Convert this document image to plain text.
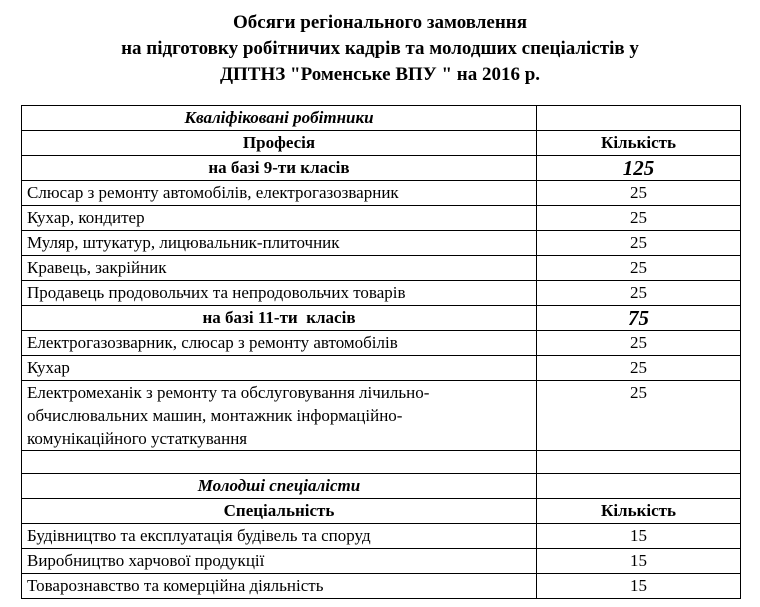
Обсяги регіонального замовлення
на підготовку робітничих кадрів та молодших спеціалістів у
ДПТНЗ "Роменське ВПУ " на 2016 р.
Кваліфіковані робітники	
Професія	Кількість
на базі 9-ти класів	125
Слюсар з ремонту автомобілів, електрогазозварник	25
Кухар, кондитер	25
Муляр, штукатур, лицювальник-плиточник	25
Кравець, закрійник	25
Продавець продовольчих та непродовольчих товарів	25
на базі 11-ти  класів	75
Електрогазозварник, слюсар з ремонту автомобілів	25
Кухар	25

Електромеханік з ремонту та обслуговування лічильно-
обчислювальних машин, монтажник інформаційно-
комунікаційного устаткування	25

Молодші спеціалісти	
Спеціальність	Кількість
Будівництво та експлуатація будівель та споруд	15
Виробництво харчової продукції	15
Товарознавство та комерційна діяльність	15
